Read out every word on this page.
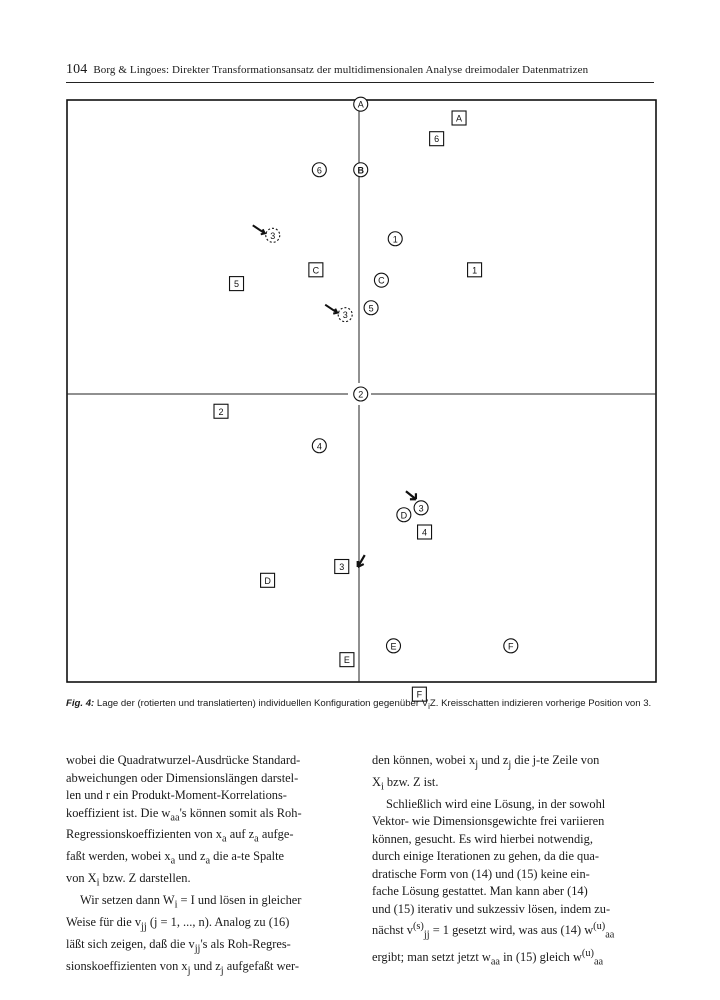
104 Borg & Lingoes: Direkter Transformationsansatz der multidimensionalen Analyse dreimodaler Datenmatrizen
A
6	B
3	1
C
3
5
2
4
3
D
E	F
A
6
1
C
5
2
4
3
D
E
F
Fig. 4: Lage der (rotierten und translatierten) individuellen Konfiguration gegenüber $V_iZ$. Kreisschatten indizieren vorherige Position von 3.

wobei die Quadratwurzel-Ausdrücke Standard-
abweichungen oder Dimensionslängen darstel-
len und r ein Produkt-Moment-Korrelations-
koeffizient ist. Die $w_{aa}'s$ können somit als Roh-
Regressionskoeffizienten von $x_a$ auf $z_a$ aufge-
faßt werden, wobei $x_a$ und $z_a$ die a-te Spalte
von $X_i$ bzw. Z darstellen.

Wir setzen dann $W_i = I$ und lösen in gleicher
Weise für die $v_{jj}$ (j = 1, ..., n). Analog zu (16)
läßt sich zeigen, daß die $v_{jj}'s$ als Roh-Regres-
sionskoeffizienten von $x_j$ und $z_j$ aufgefaßt wer-

den können, wobei $x_j$ und $z_j$ die j-te Zeile von
$X_i$ bzw. Z ist.

Schließlich wird eine Lösung, in der sowohl
Vektor- wie Dimensionsgewichte frei variieren
können, gesucht. Es wird hierbei notwendig,
durch einige Iterationen zu gehen, da die qua-
dratische Form von (14) und (15) keine ein-
fache Lösung gestattet. Man kann aber (14)
und (15) iterativ und sukzessiv lösen, indem zu-
nächst $v^{(s)}_{jj} = 1$ gesetzt wird, was aus (14) $w^{(u)}_{aa}$
ergibt; man setzt jetzt $w_{aa}$ in (15) gleich $w^{(u)}_{aa}$
